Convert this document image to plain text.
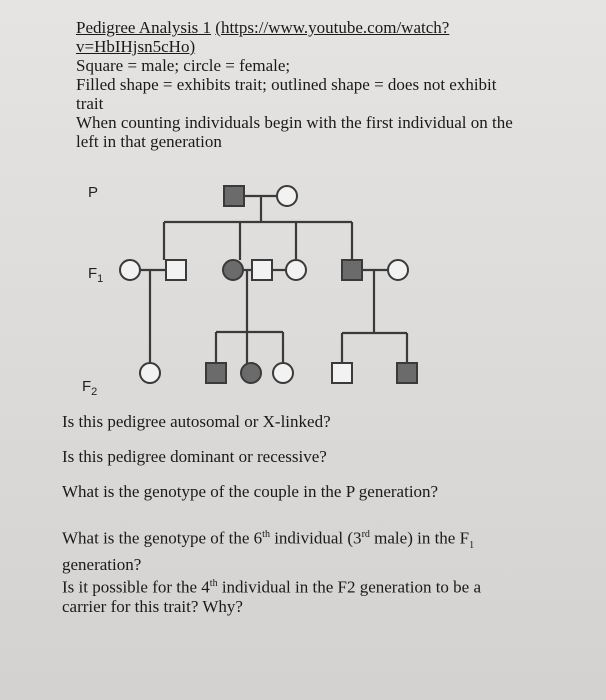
Pedigree Analysis 1 (https://www.youtube.com/watch?
v=HbIHjsn5cHo)
Square = male; circle = female;
Filled shape = exhibits trait; outlined shape = does not exhibit
trait
When counting individuals begin with the first individual on the
left in that generation
P
$F_1$
$F_2$
Is this pedigree autosomal or X-linked?
Is this pedigree dominant or recessive?
What is the genotype of the couple in the P generation?
What is the genotype of the 6th individual (3rd male) in the $F_1$
generation?
Is it possible for the 4th individual in the F2 generation to be a
carrier for this trait? Why?
